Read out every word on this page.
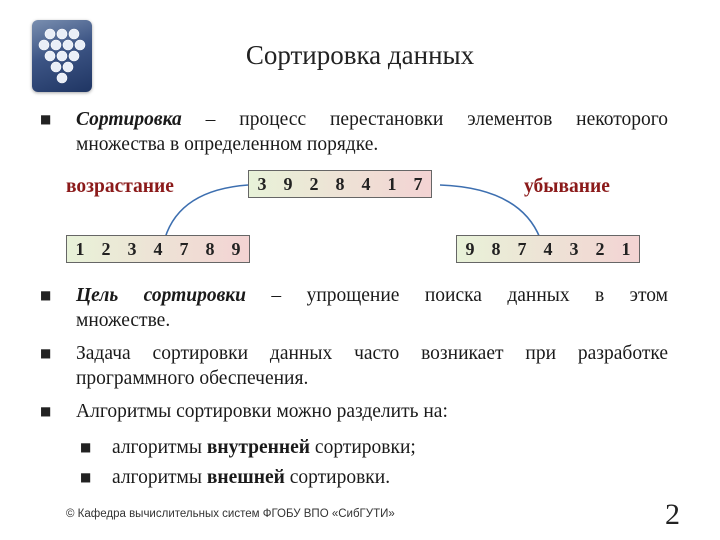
Сортировка данных
■ Сортировка – процесс перестановки элементов некоторого
множества в определенном порядке.
возрастание	убывание
3 9 2 8 4 1 7
1 2 3 4 7 8 9	9 8 7 4 3 2 1
■ Цель сортировки – упрощение поиска данных в этом
множестве.
■ Задача сортировки данных часто возникает при разработке
программного обеспечения.
■ Алгоритмы сортировки можно разделить на:
■ алгоритмы внутренней сортировки;
■ алгоритмы внешней сортировки.
© Кафедра вычислительных систем ФГОБУ ВПО «СибГУТИ»	2
